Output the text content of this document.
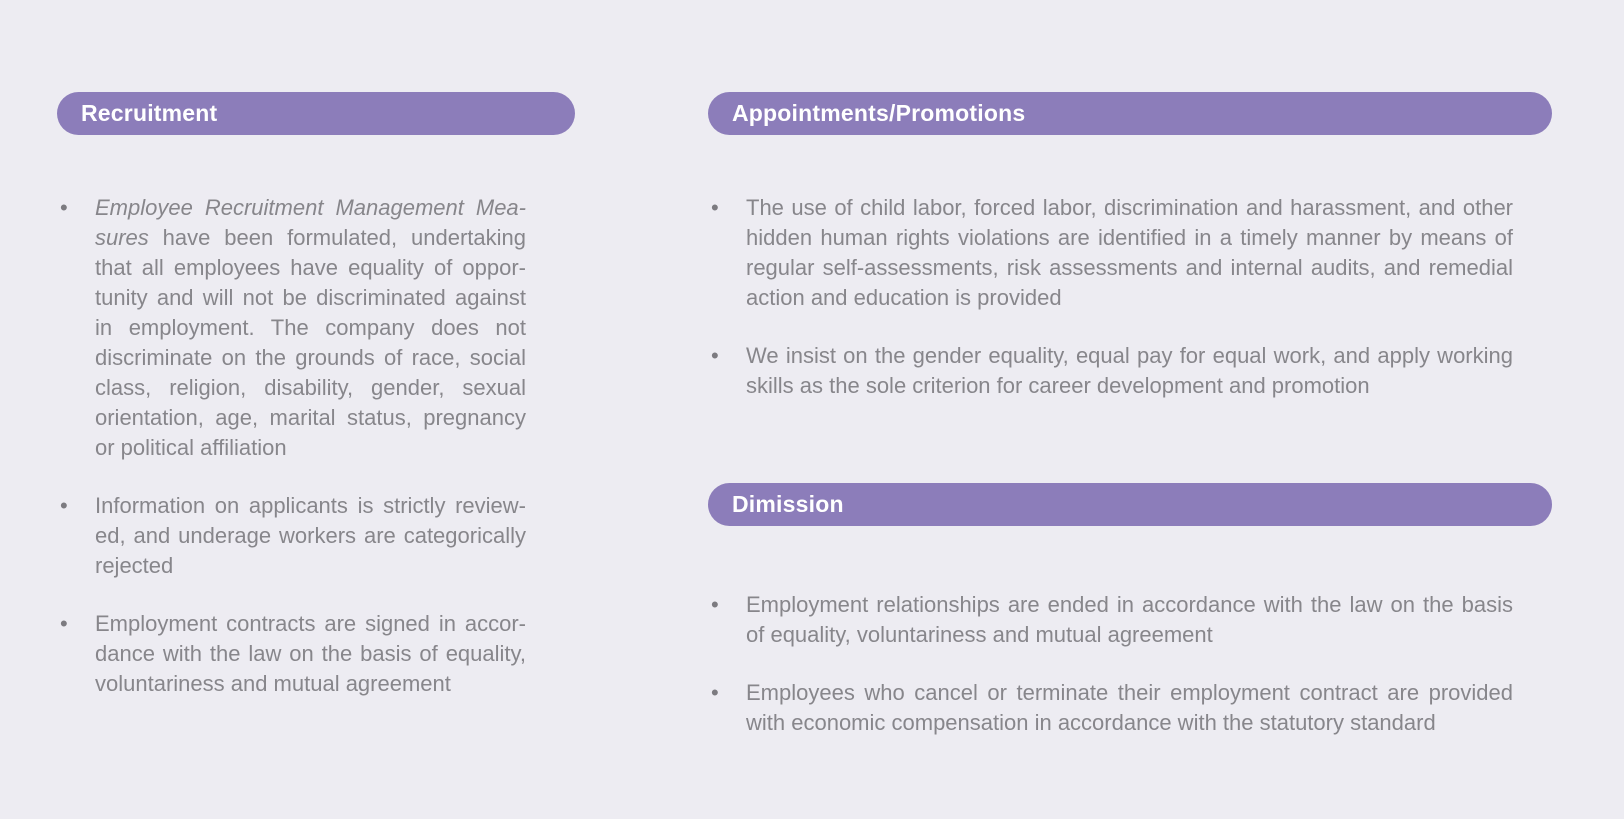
Recruitment
• Employee Recruitment Management Measures have been formulated, undertaking that all employees have equality of opportunity and will not be discriminated against in employment. The company does not discriminate on the grounds of race, social class, religion, disability, gender, sexual orientation, age, marital status, pregnancy or political affiliation
• Information on applicants is strictly reviewed, and underage workers are categorically rejected
• Employment contracts are signed in accordance with the law on the basis of equality, voluntariness and mutual agreement
Appointments/Promotions
• The use of child labor, forced labor, discrimination and harassment, and other hidden human rights violations are identified in a timely manner by means of regular self-assessments, risk assessments and internal audits, and remedial action and education is provided
• We insist on the gender equality, equal pay for equal work, and apply working skills as the sole criterion for career development and promotion
Dimission
• Employment relationships are ended in accordance with the law on the basis of equality, voluntariness and mutual agreement
• Employees who cancel or terminate their employment contract are provided with economic compensation in accordance with the statutory standard
